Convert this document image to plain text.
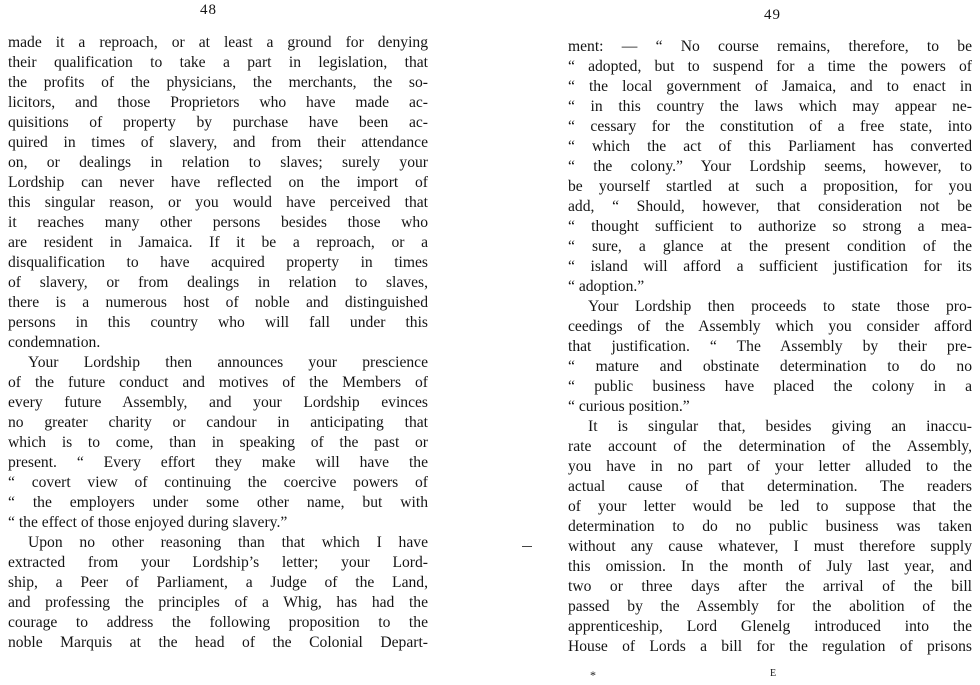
48
made it a reproach, or at least a ground for denying
their qualification to take a part in legislation, that
the profits of the physicians, the merchants, the so-
licitors, and those Proprietors who have made ac-
quisitions of property by purchase have been ac-
quired in times of slavery, and from their attendance
on, or dealings in relation to slaves; surely your
Lordship can never have reflected on the import of
this singular reason, or you would have perceived that
it reaches many other persons besides those who
are resident in Jamaica. If it be a reproach, or a
disqualification to have acquired property in times
of slavery, or from dealings in relation to slaves,
there is a numerous host of noble and distinguished
persons in this country who will fall under this
condemnation.
Your Lordship then announces your prescience
of the future conduct and motives of the Members of
every future Assembly, and your Lordship evinces
no greater charity or candour in anticipating that
which is to come, than in speaking of the past or
present. “ Every effort they make will have the
“ covert view of continuing the coercive powers of
“ the employers under some other name, but with
“ the effect of those enjoyed during slavery.”
Upon no other reasoning than that which I have
extracted from your Lordship’s letter; your Lord-
ship, a Peer of Parliament, a Judge of the Land,
and professing the principles of a Whig, has had the
courage to address the following proposition to the
noble Marquis at the head of the Colonial Depart-
49
ment: — “ No course remains, therefore, to be
“ adopted, but to suspend for a time the powers of
“ the local government of Jamaica, and to enact in
“ in this country the laws which may appear ne-
“ cessary for the constitution of a free state, into
“ which the act of this Parliament has converted
“ the colony.” Your Lordship seems, however, to
be yourself startled at such a proposition, for you
add, “ Should, however, that consideration not be
“ thought sufficient to authorize so strong a mea-
“ sure, a glance at the present condition of the
“ island will afford a sufficient justification for its
“ adoption.”
Your Lordship then proceeds to state those pro-
ceedings of the Assembly which you consider afford
that justification. “ The Assembly by their pre-
“ mature and obstinate determination to do no
“ public business have placed the colony in a
“ curious position.”
It is singular that, besides giving an inaccu-
rate account of the determination of the Assembly,
you have in no part of your letter alluded to the
actual cause of that determination. The readers
of your letter would be led to suppose that the
determination to do no public business was taken
without any cause whatever, I must therefore supply
this omission. In the month of July last year, and
two or three days after the arrival of the bill
passed by the Assembly for the abolition of the
apprenticeship, Lord Glenelg introduced into the
House of Lords a bill for the regulation of prisons
*	E
